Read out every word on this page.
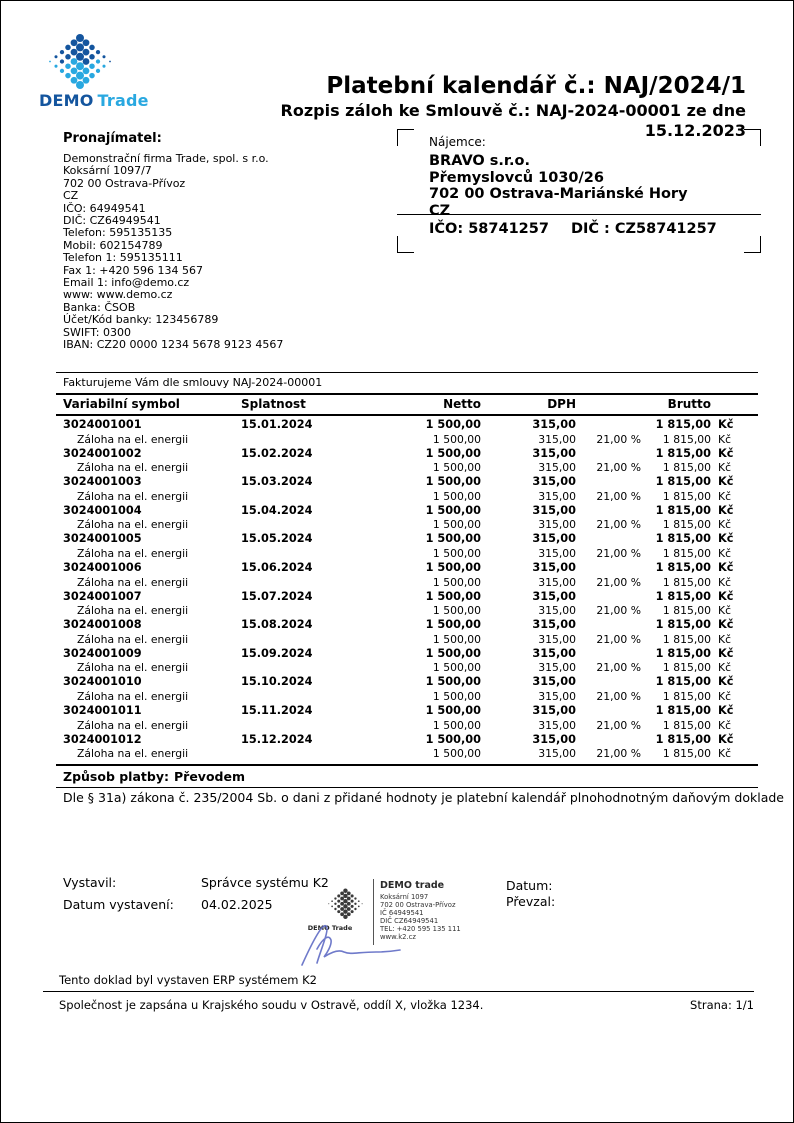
DEMO Trade
Platební kalendář č.: NAJ/2024/1
Rozpis záloh ke Smlouvě č.: NAJ-2024-00001 ze dne 15.12.2023
Pronajímatel:
Demonstrační firma Trade, spol. s r.o.
Koksární 1097/7
702 00 Ostrava-Přívoz
CZ
IČO: 64949541
DIČ: CZ64949541
Telefon: 595135135
Mobil: 602154789
Telefon 1: 595135111
Fax 1: +420 596 134 567
Email 1: info@demo.cz
www: www.demo.cz
Banka: ČSOB
Účet/Kód banky: 123456789
SWIFT: 0300
IBAN: CZ20 0000 1234 5678 9123 4567
Nájemce:
BRAVO s.r.o.
Přemyslovců 1030/26
702 00 Ostrava-Mariánské Hory
CZ
IČO: 58741257 DIČ : CZ58741257
Fakturujeme Vám dle smlouvy NAJ-2024-00001
Variabilní symbol	Splatnost	Netto	DPH	Brutto
3024001001	15.01.2024	1 500,00	315,00	1 815,00 Kč
Záloha na el. energii	1 500,00	315,00	21,00 %	1 815,00 Kč
3024001002	15.02.2024	1 500,00	315,00	1 815,00 Kč
Záloha na el. energii	1 500,00	315,00	21,00 %	1 815,00 Kč
3024001003	15.03.2024	1 500,00	315,00	1 815,00 Kč
Záloha na el. energii	1 500,00	315,00	21,00 %	1 815,00 Kč
3024001004	15.04.2024	1 500,00	315,00	1 815,00 Kč
Záloha na el. energii	1 500,00	315,00	21,00 %	1 815,00 Kč
3024001005	15.05.2024	1 500,00	315,00	1 815,00 Kč
Záloha na el. energii	1 500,00	315,00	21,00 %	1 815,00 Kč
3024001006	15.06.2024	1 500,00	315,00	1 815,00 Kč
Záloha na el. energii	1 500,00	315,00	21,00 %	1 815,00 Kč
3024001007	15.07.2024	1 500,00	315,00	1 815,00 Kč
Záloha na el. energii	1 500,00	315,00	21,00 %	1 815,00 Kč
3024001008	15.08.2024	1 500,00	315,00	1 815,00 Kč
Záloha na el. energii	1 500,00	315,00	21,00 %	1 815,00 Kč
3024001009	15.09.2024	1 500,00	315,00	1 815,00 Kč
Záloha na el. energii	1 500,00	315,00	21,00 %	1 815,00 Kč
3024001010	15.10.2024	1 500,00	315,00	1 815,00 Kč
Záloha na el. energii	1 500,00	315,00	21,00 %	1 815,00 Kč
3024001011	15.11.2024	1 500,00	315,00	1 815,00 Kč
Záloha na el. energii	1 500,00	315,00	21,00 %	1 815,00 Kč
3024001012	15.12.2024	1 500,00	315,00	1 815,00 Kč
Záloha na el. energii	1 500,00	315,00	21,00 %	1 815,00 Kč
Způsob platby: Převodem
Dle § 31a) zákona č. 235/2004 Sb. o dani z přidané hodnoty je platební kalendář plnohodnotným daňovým doklade
Vystavil:	Správce systému K2
Datum vystavení: 04.02.2025
Datum:
Převzal:
DEMO Trade
DEMO trade
Koksární 1097
702 00 Ostrava-Přívoz
IČ 64949541
DIČ CZ64949541
TEL: +420 595 135 111
www.k2.cz
Tento doklad byl vystaven ERP systémem K2
Společnost je zapsána u Krajského soudu v Ostravě, oddíl X, vložka 1234.	Strana: 1/1
